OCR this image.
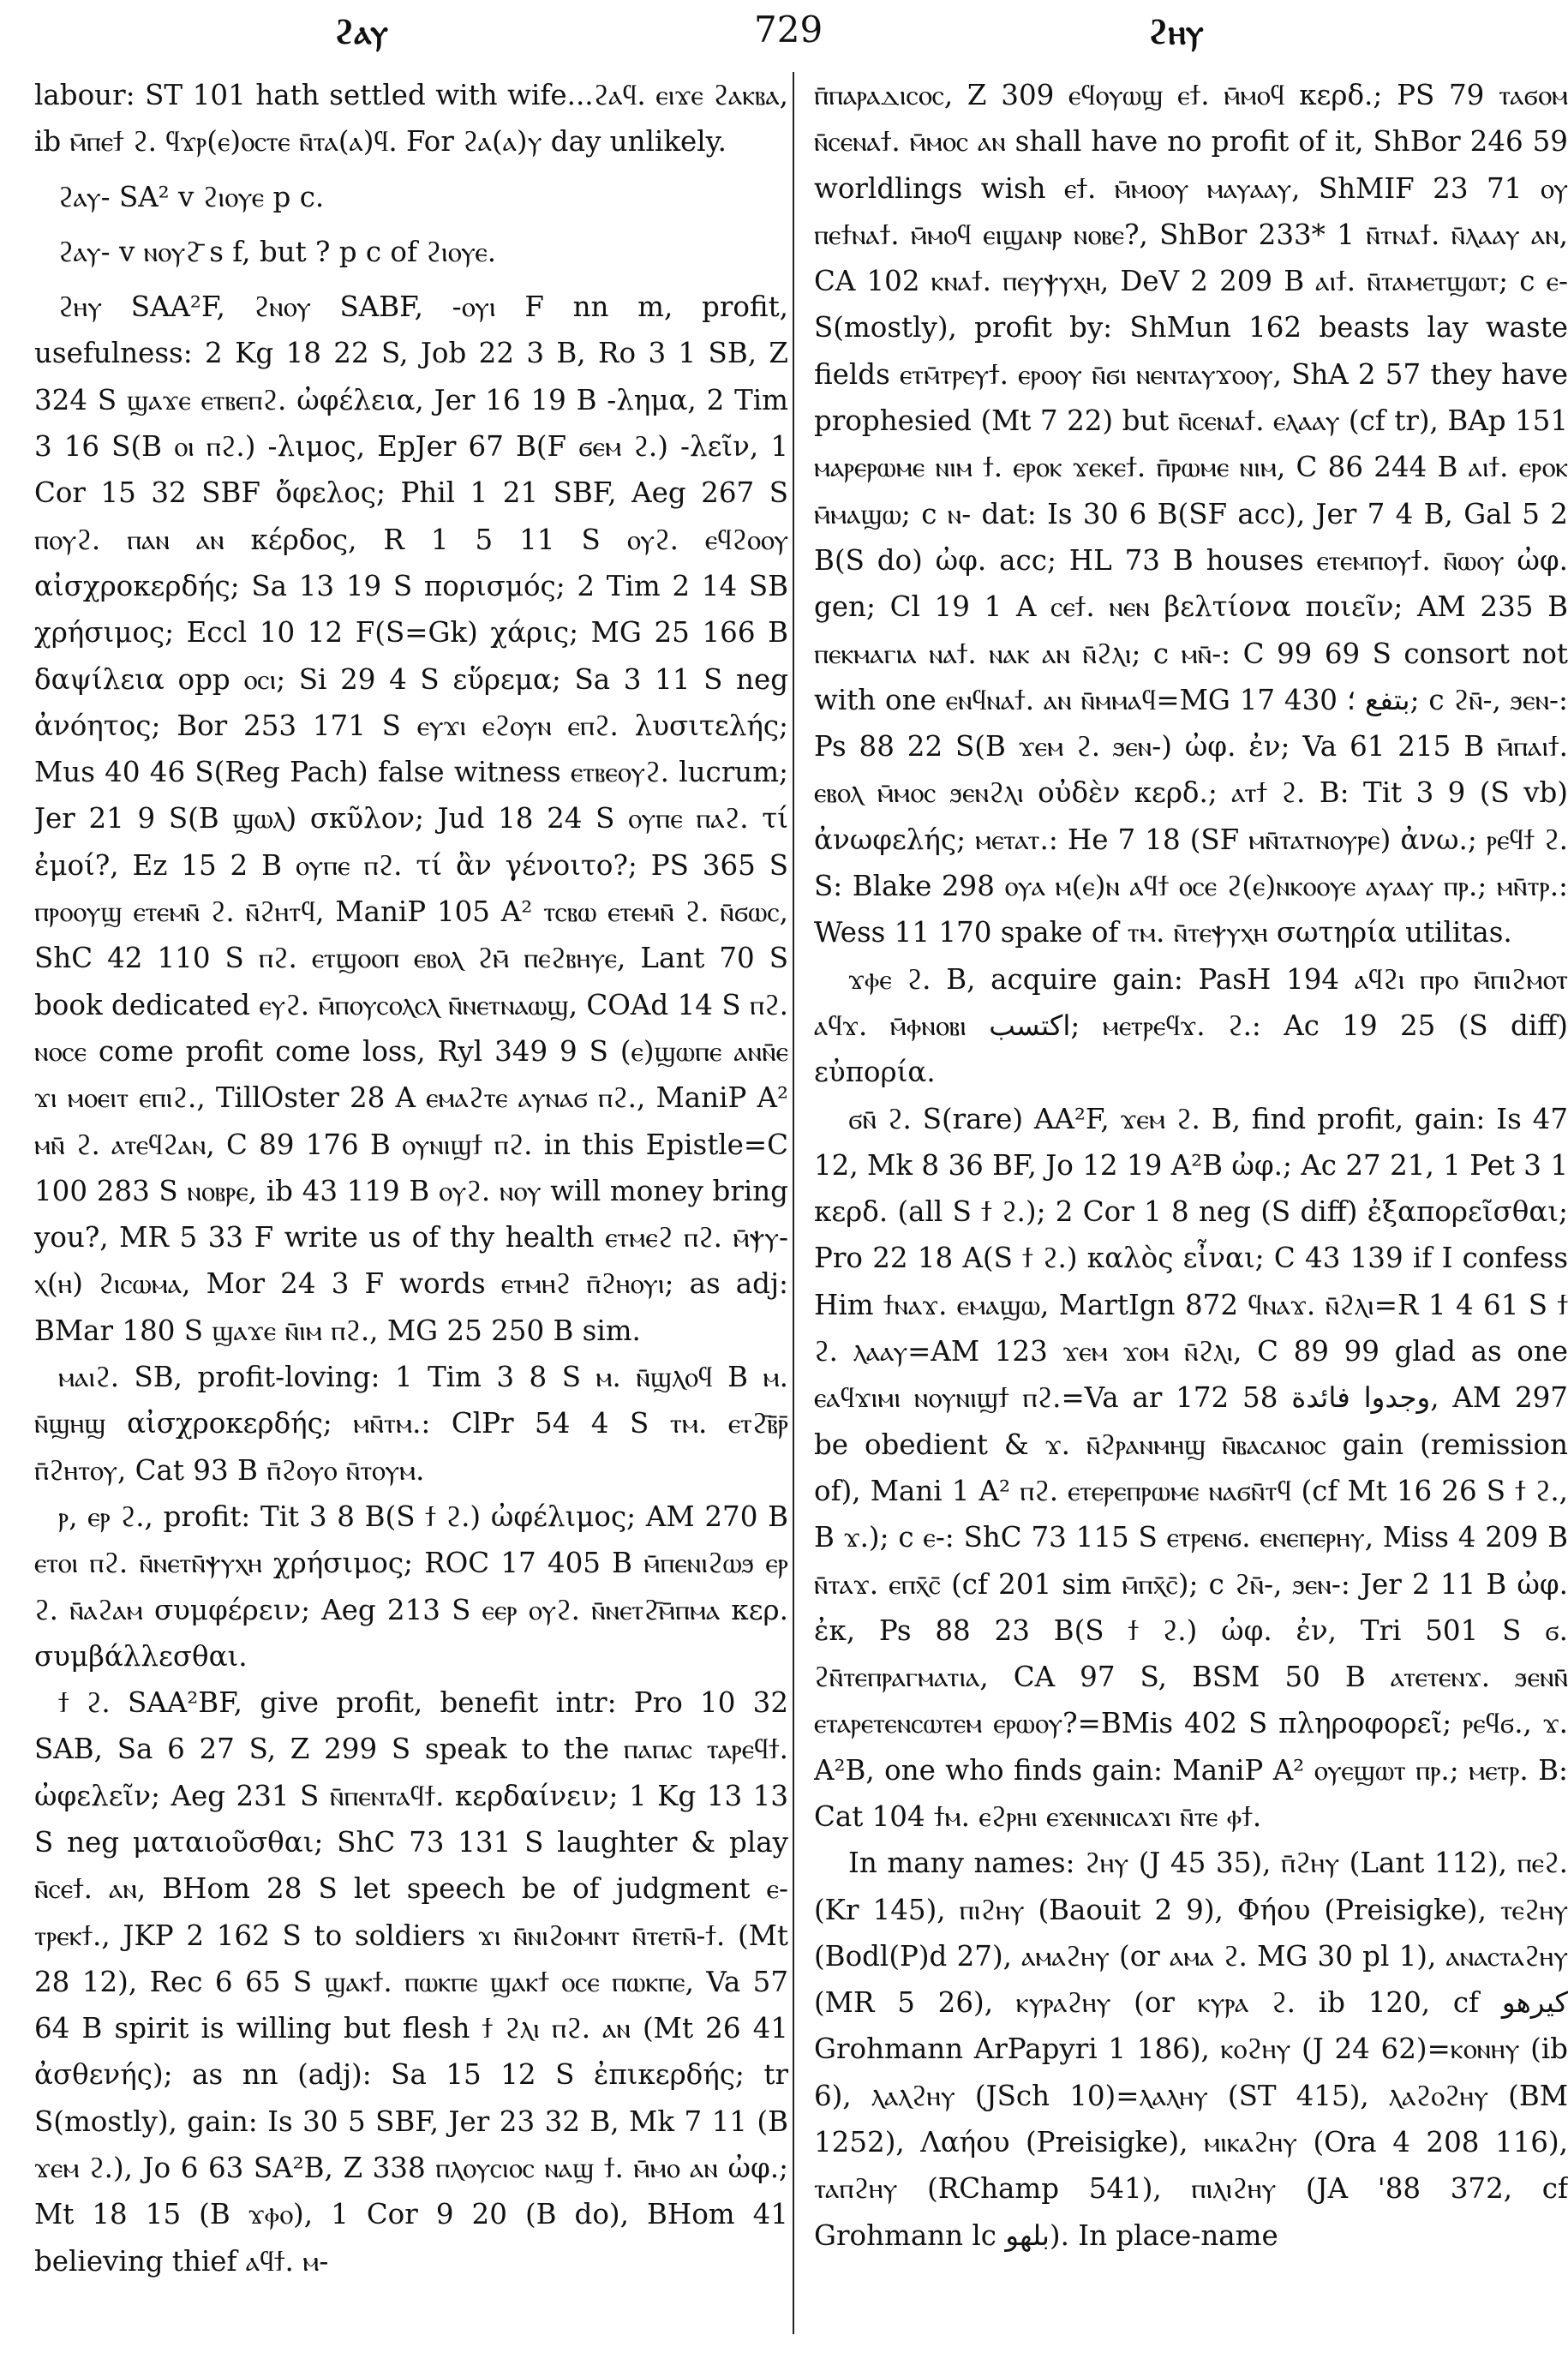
ϩⲁⲩ	729	ϩⲏⲩ

labour: ST 101 hath settled with wife...ϩⲁϥ. ⲉⲓϫⲉ ϩⲁⲕⲃⲁ, ib ⲙ̄ⲡⲉϯ ϩ. ϥϫⲣ(ⲉ)ⲟⲥⲧⲉ ⲛ̄ⲧⲁ(ⲁ)ϥ. For ϩⲁ(ⲁ)ⲩ day unlikely.

ϩⲁⲩ- SA² v ϩⲓⲟⲩⲉ p c.

ϩⲁⲩ- v ⲛⲟⲩϩ̄ s f, but ? p c of ϩⲓⲟⲩⲉ.

ϩⲏⲩ SAA²F, ϩⲛⲟⲩ SABF, -ⲟⲩⲓ F nn m, profit, usefulness: 2 Kg 18 22 S, Job 22 3 B, Ro 3 1 SB, Z 324 S ϣⲁϫⲉ ⲉⲧⲃⲉⲡϩ. ὠφέλεια, Jer 16 19 B -λημα, 2 Tim 3 16 S(B ⲟⲓ ⲡϩ.) -λιμος, EpJer 67 B(F ϭⲉⲙ ϩ.) -λεῖν, 1 Cor 15 32 SBF ὄφελος; Phil 1 21 SBF, Aeg 267 S ⲡⲟⲩϩ. ⲡⲁⲛ ⲁⲛ κέρδος, R 1 5 11 S ⲟⲩϩ. ⲉϥϩⲟⲟⲩ αἰσχροκερδής; Sa 13 19 S πορισμός; 2 Tim 2 14 SB χρήσιμος; Eccl 10 12 F(S=Gk) χάρις; MG 25 166 B δαψίλεια opp ⲟⲥⲓ; Si 29 4 S εὕρεμα; Sa 3 11 S neg ἀνόητος; Bor 253 171 S ⲉⲩϫⲓ ⲉϩⲟⲩⲛ ⲉⲡϩ. λυσιτελής; Mus 40 46 S(Reg Pach) false witness ⲉⲧⲃⲉⲟⲩϩ. lucrum; Jer 21 9 S(B ϣⲱⲗ) σκῦλον; Jud 18 24 S ⲟⲩⲡⲉ ⲡⲁϩ. τί ἐμοί?, Ez 15 2 B ⲟⲩⲡⲉ ⲡϩ. τί ἂν γένοιτο?; PS 365 S ⲡⲣⲟⲟⲩϣ ⲉⲧⲉⲙⲛ̄ ϩ. ⲛ̄ϩⲏⲧϥ, ManiP 105 A² ⲧⲥⲃⲱ ⲉⲧⲉⲙⲛ̄ ϩ. ⲛ̄ϭⲱⲥ, ShC 42 110 S ⲡϩ. ⲉⲧϣⲟⲟⲡ ⲉⲃⲟⲗ ϩⲙ̄ ⲡⲉϩⲃⲏⲩⲉ, Lant 70 S book dedicated ⲉⲩϩ. ⲙ̄ⲡⲟⲩⲥⲟⲗⲥⲗ ⲛ̄ⲛⲉⲧⲛⲁⲱϣ, COAd 14 S ⲡϩ. ⲛⲟⲥⲉ come profit come loss, Ryl 349 9 S (ⲉ)ϣⲱⲡⲉ ⲁⲛⲛ̄ⲉ ϫⲓ ⲙⲟⲉⲓⲧ ⲉⲡⲓϩ., TillOster 28 A ⲉⲙⲁϩⲧⲉ ⲁⲩⲛⲁϭ ⲡϩ., ManiP A² ⲙⲛ̄ ϩ. ⲁⲧⲉϥϩⲁⲛ, C 89 176 B ⲟⲩⲛⲓϣϯ ⲡϩ. in this Epistle=C 100 283 S ⲛⲟⲃⲣⲉ, ib 43 119 B ⲟⲩϩ. ⲛⲟⲩ will money bring you?, MR 5 33 F write us of thy health ⲉⲧⲙⲉϩ ⲡϩ. ⲙ̄ⲯⲩ-ⲭ(ⲏ) ϩⲓⲥⲱⲙⲁ, Mor 24 3 F words ⲉⲧⲙⲏϩ ⲡ̄ϩⲏⲟⲩⲓ; as adj: BMar 180 S ϣⲁϫⲉ ⲛ̄ⲓⲙ ⲡϩ., MG 25 250 B sim.

ⲙⲁⲓϩ. SB, profit-loving: 1 Tim 3 8 S ⲙ. ⲛ̄ϣⲗⲟϥ B ⲙ. ⲛ̄ϣⲏϣ αἰσχροκερδής; ⲙⲛ̄ⲧⲙ.: ClPr 54 4 S ⲧⲙ. ⲉⲧϩ̄ⲃ̄ⲣ̄ ⲡ̄ϩⲏⲧⲟⲩ, Cat 93 B ⲡ̄ϩⲟⲩⲟ ⲛ̄ⲧⲟⲩⲙ.

ⲣ, ⲉⲣ ϩ., profit: Tit 3 8 B(S ϯ ϩ.) ὠφέλιμος; AM 270 B ⲉⲧⲟⲓ ⲡϩ. ⲛ̄ⲛⲉⲧⲛ̄ⲯⲩⲭⲏ χρήσιμος; ROC 17 405 B ⲙ̄ⲡⲉⲛⲓϩⲱϧ ⲉⲣ ϩ. ⲛ̄ⲁϩⲁⲙ συμφέρειν; Aeg 213 S ⲉⲉⲣ ⲟⲩϩ. ⲛ̄ⲛⲉⲧϩ̄ⲙ̄ⲡⲙⲁ κερ. συμβάλλεσθαι.

ϯ ϩ. SAA²BF, give profit, benefit intr: Pro 10 32 SAB, Sa 6 27 S, Z 299 S speak to the ⲡⲁⲡⲁⲥ ⲧⲁⲣⲉϥϯ. ὠφελεῖν; Aeg 231 S ⲛ̄ⲡⲉⲛⲧⲁϥϯ. κερδαίνειν; 1 Kg 13 13 S neg ματαιοῦσθαι; ShC 73 131 S laughter & play ⲛ̄ⲥⲉϯ. ⲁⲛ, BHom 28 S let speech be of judgment ⲉ-ⲧⲣⲉⲕϯ., JKP 2 162 S to soldiers ϫⲓ ⲛ̄ⲛⲓϩⲟⲙⲛⲧ ⲛ̄ⲧⲉⲧⲛ̄-ϯ. (Mt 28 12), Rec 6 65 S ϣⲁⲕϯ. ⲡⲱⲕⲡⲉ ϣⲁⲕϯ ⲟⲥⲉ ⲡⲱⲕⲡⲉ, Va 57 64 B spirit is willing but flesh ϯ ϩⲗⲓ ⲡϩ. ⲁⲛ (Mt 26 41 ἀσθενής); as nn (adj): Sa 15 12 S ἐπικερδής; tr S(mostly), gain: Is 30 5 SBF, Jer 23 32 B, Mk 7 11 (B ϫⲉⲙ ϩ.), Jo 6 63 SA²B, Z 338 ⲡⲗⲟⲩⲥⲓⲟⲥ ⲛⲁϣ ϯ. ⲙ̄ⲙⲟ ⲁⲛ ὠφ.; Mt 18 15 (B ϫⲫⲟ), 1 Cor 9 20 (B do), BHom 41 believing thief ⲁϥϯ. ⲙ-

ⲡ̄ⲡⲁⲣⲁⲇⲓⲥⲟⲥ, Z 309 ⲉϥⲟⲩⲱϣ ⲉϯ. ⲙ̄ⲙⲟϥ κερδ.; PS 79 ⲧⲁϭⲟⲙ ⲛ̄ⲥⲉⲛⲁϯ. ⲙ̄ⲙⲟⲥ ⲁⲛ shall have no profit of it, ShBor 246 59 worldlings wish ⲉϯ. ⲙ̄ⲙⲟⲟⲩ ⲙⲁⲩⲁⲁⲩ, ShMIF 23 71 ⲟⲩ ⲡⲉϯⲛⲁϯ. ⲙ̄ⲙⲟϥ ⲉⲓϣⲁⲛⲣ ⲛⲟⲃⲉ?, ShBor 233* 1 ⲛ̄ⲧⲛⲁϯ. ⲛ̄ⲗⲁⲁⲩ ⲁⲛ, CA 102 ⲕⲛⲁϯ. ⲡⲉⲩⲯⲩⲭⲏ, DeV 2 209 B ⲁⲓϯ. ⲛ̄ⲧⲁⲙⲉⲧϣⲱⲧ; c ⲉ- S(mostly), profit by: ShMun 162 beasts lay waste fields ⲉⲧⲙ̄ⲧⲣⲉⲩϯ. ⲉⲣⲟⲟⲩ ⲛ̄ϭⲓ ⲛⲉⲛⲧⲁⲩϫⲟⲟⲩ, ShA 2 57 they have prophesied (Mt 7 22) but ⲛ̄ⲥⲉⲛⲁϯ. ⲉⲗⲁⲁⲩ (cf tr), BAp 151 ⲙⲁⲣⲉⲣⲱⲙⲉ ⲛⲓⲙ ϯ. ⲉⲣⲟⲕ ϫⲉⲕⲉϯ. ⲡ̄ⲣⲱⲙⲉ ⲛⲓⲙ, C 86 244 B ⲁⲓϯ. ⲉⲣⲟⲕ ⲙ̄ⲙⲁϣⲱ; c ⲛ- dat: Is 30 6 B(SF acc), Jer 7 4 B, Gal 5 2 B(S do) ὠφ. acc; HL 73 B houses ⲉⲧⲉⲙⲡⲟⲩϯ. ⲛ̄ⲱⲟⲩ ὠφ. gen; Cl 19 1 A ⲥⲉϯ. ⲛⲉⲛ βελτίονα ποιεῖν; AM 235 B ⲡⲉⲕⲙⲁⲅⲓⲁ ⲛⲁϯ. ⲛⲁⲕ ⲁⲛ ⲛ̄ϩⲗⲓ; c ⲙⲛ̄-: C 99 69 S consort not with one ⲉⲛϥⲛⲁϯ. ⲁⲛ ⲛ̄ⲙⲙⲁϥ=MG 17 430 بتفع ؛; c ϩⲛ̄-, ϧⲉⲛ-: Ps 88 22 S(B ϫⲉⲙ ϩ. ϧⲉⲛ-) ὠφ. ἐν; Va 61 215 B ⲙ̄ⲡⲁⲓϯ. ⲉⲃⲟⲗ ⲙ̄ⲙⲟⲥ ϧⲉⲛϩⲗⲓ οὐδὲν κερδ.; ⲁⲧϯ ϩ. B: Tit 3 9 (S vb) ἀνωφελής; ⲙⲉⲧⲁⲧ.: He 7 18 (SF ⲙⲛ̄ⲧⲁⲧⲛⲟⲩⲣⲉ) ἀνω.; ⲣⲉϥϯ ϩ. S: Blake 298 ⲟⲩⲁ ⲙ(ⲉ)ⲛ ⲁϥϯ ⲟⲥⲉ ϩ(ⲉ)ⲛⲕⲟⲟⲩⲉ ⲁⲩⲁⲁⲩ ⲡⲣ.; ⲙⲛ̄ⲧⲣ.: Wess 11 170 spake of ⲧⲙ. ⲛ̄ⲧⲉⲯⲩⲭⲏ σωτηρία utilitas.

ϫⲫⲉ ϩ. B, acquire gain: PasH 194 ⲁϥϩⲓ ⲡⲣⲟ ⲙ̄ⲡⲓϩⲙⲟⲧ ⲁϥϫ. ⲙ̄ⲫⲛⲟⲃⲓ اكتسب; ⲙⲉⲧⲣⲉϥϫ. ϩ.: Ac 19 25 (S diff) εὐπορία.

ϭⲛ̄ ϩ. S(rare) AA²F, ϫⲉⲙ ϩ. B, find profit, gain: Is 47 12, Mk 8 36 BF, Jo 12 19 A²B ὠφ.; Ac 27 21, 1 Pet 3 1 κερδ. (all S ϯ ϩ.); 2 Cor 1 8 neg (S diff) ἐξαπορεῖσθαι; Pro 22 18 A(S ϯ ϩ.) καλὸς εἶναι; C 43 139 if I confess Him ϯⲛⲁϫ. ⲉⲙⲁϣⲱ, MartIgn 872 ϥⲛⲁϫ. ⲛ̄ϩⲗⲓ=R 1 4 61 S ϯ ϩ. ⲗⲁⲁⲩ=AM 123 ϫⲉⲙ ϫⲟⲙ ⲛ̄ϩⲗⲓ, C 89 99 glad as one ⲉⲁϥϫⲓⲙⲓ ⲛⲟⲩⲛⲓϣϯ ⲡϩ.=Va ar 172 58 وجدوا فائدة, AM 297 be obedient & ϫ. ⲛ̄ϩⲣⲁⲛⲙⲏϣ ⲛ̄ⲃⲁⲥⲁⲛⲟⲥ gain (remission of), Mani 1 A² ⲡϩ. ⲉⲧⲉⲣⲉⲡⲣⲱⲙⲉ ⲛⲁϭⲛ̄ⲧϥ (cf Mt 16 26 S ϯ ϩ., B ϫ.); c ⲉ-: ShC 73 115 S ⲉⲧⲣⲉⲛϭ. ⲉⲛⲉⲡⲉⲣⲏⲩ, Miss 4 209 B ⲛ̄ⲧⲁϫ. ⲉⲡⲭ̄ⲥ̄ (cf 201 sim ⲙ̄ⲡⲭ̄ⲥ̄); c ϩⲛ̄-, ϧⲉⲛ-: Jer 2 11 B ὠφ. ἐκ, Ps 88 23 B(S ϯ ϩ.) ὠφ. ἐν, Tri 501 S ϭ. ϩⲛ̄ⲧⲉⲡⲣⲁⲅⲙⲁⲧⲓⲁ, CA 97 S, BSM 50 B ⲁⲧⲉⲧⲉⲛϫ. ϧⲉⲛⲛ̄ ⲉⲧⲁⲣⲉⲧⲉⲛⲥⲱⲧⲉⲙ ⲉⲣⲱⲟⲩ?=BMis 402 S πληροφορεῖ; ⲣⲉϥϭ., ϫ. A²B, one who finds gain: ManiP A² ⲟⲩⲉϣⲱⲧ ⲡⲣ.; ⲙⲉⲧⲣ. B: Cat 104 ϯⲙ. ⲉϩⲣⲏⲓ ⲉϫⲉⲛⲛⲓⲥⲁϫⲓ ⲛ̄ⲧⲉ ⲫϯ.

In many names: ϩⲏⲩ (J 45 35), ⲡ̄ϩⲏⲩ (Lant 112), ⲡⲉϩ. (Kr 145), ⲡⲓϩⲏⲩ (Baouit 2 9), Φήου (Preisigke), ⲧⲉϩⲏⲩ (Bodl(P)d 27), ⲁⲙⲁϩⲏⲩ (or ⲁⲙⲁ ϩ. MG 30 pl 1), ⲁⲛⲁⲥⲧⲁϩⲏⲩ (MR 5 26), ⲕⲩⲣⲁϩⲏⲩ (or ⲕⲩⲣⲁ ϩ. ib 120, cf كيرهو Grohmann ArPapyri 1 186), ⲕⲟϩⲏⲩ (J 24 62)=ⲕⲟⲛⲏⲩ (ib 6), ⲗⲁⲗϩⲏⲩ (JSch 10)=ⲗⲁⲗⲏⲩ (ST 415), ⲗⲁϩⲟϩⲏⲩ (BM 1252), Λαήου (Preisigke), ⲙⲓⲕⲁϩⲏⲩ (Ora 4 208 116), ⲧⲁⲡϩⲏⲩ (RChamp 541), ⲡⲓⲗⲓϩⲏⲩ (JA '88 372, cf Grohmann lc بلهو). In place-name
